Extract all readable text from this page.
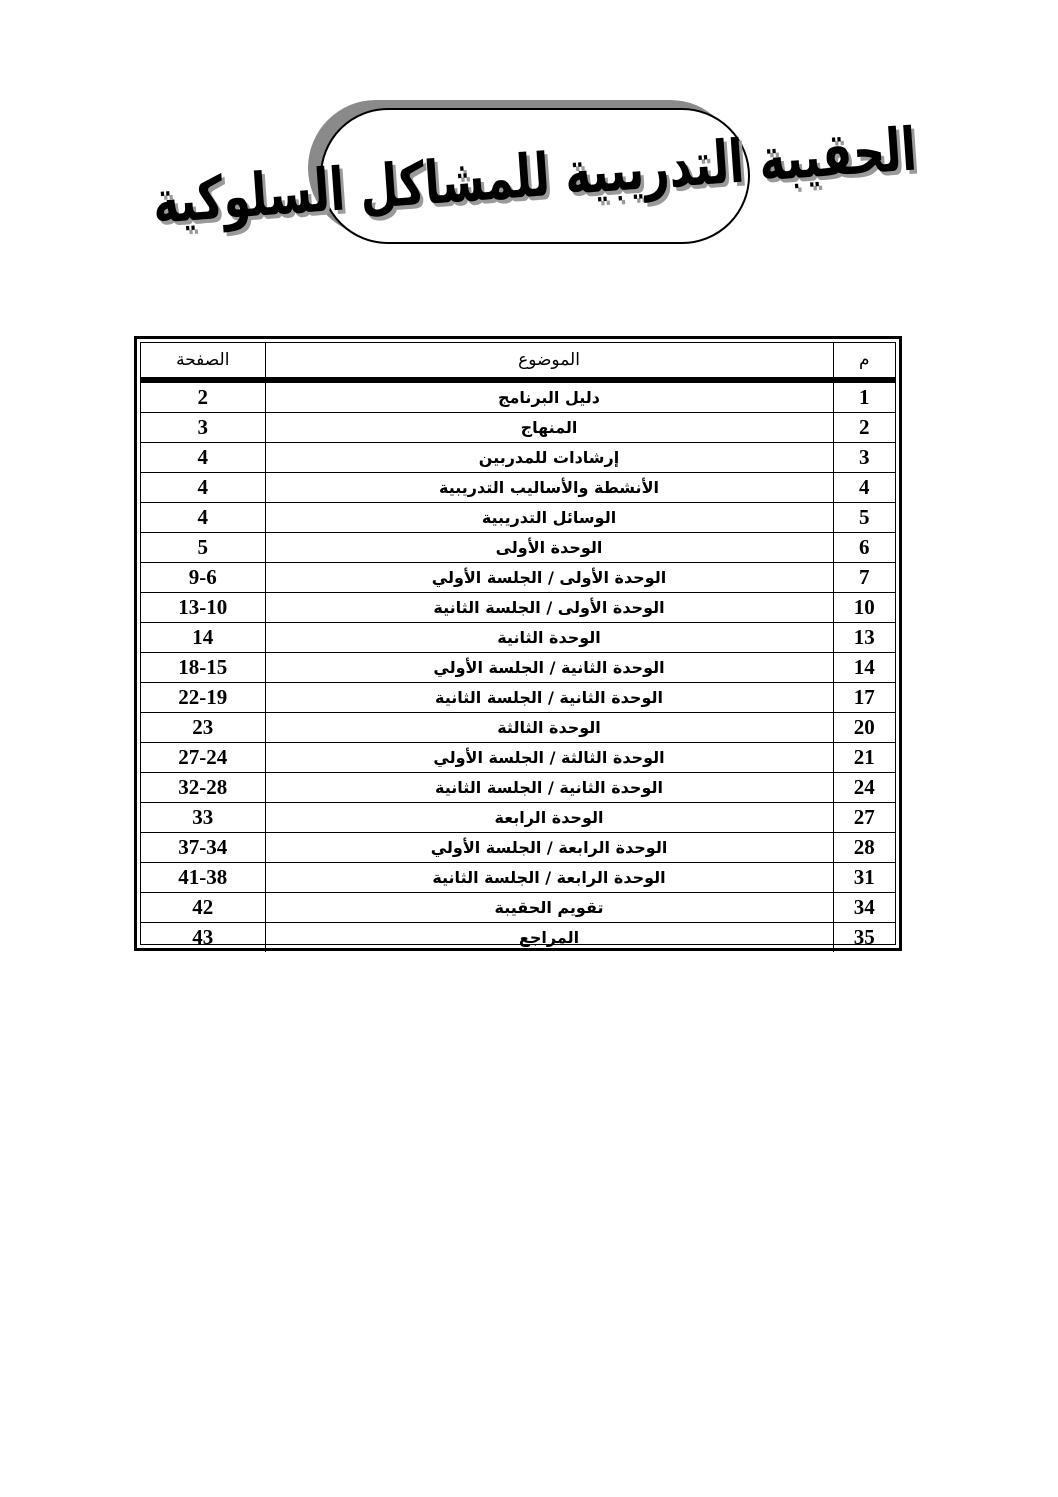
الحقيبة التدريبية للمشاكل السلوكية
م	الموضوع	الصفحة
1	دليل البرنامج	2
2	المنهاج	3
3	إرشادات للمدربين	4
4	الأنشطة والأساليب التدريبية	4
5	الوسائل التدريبية	4
6	الوحدة الأولى	5
7	الوحدة الأولى / الجلسة الأولي	9-6
10	الوحدة الأولى / الجلسة الثانية	13-10
13	الوحدة الثانية	14
14	الوحدة الثانية / الجلسة الأولي	18-15
17	الوحدة الثانية / الجلسة الثانية	22-19
20	الوحدة الثالثة	23
21	الوحدة الثالثة / الجلسة الأولي	27-24
24	الوحدة الثانية / الجلسة الثانية	32-28
27	الوحدة الرابعة	33
28	الوحدة الرابعة / الجلسة الأولي	37-34
31	الوحدة الرابعة / الجلسة الثانية	41-38
34	تقويم الحقيبة	42
35	المراجع	43
